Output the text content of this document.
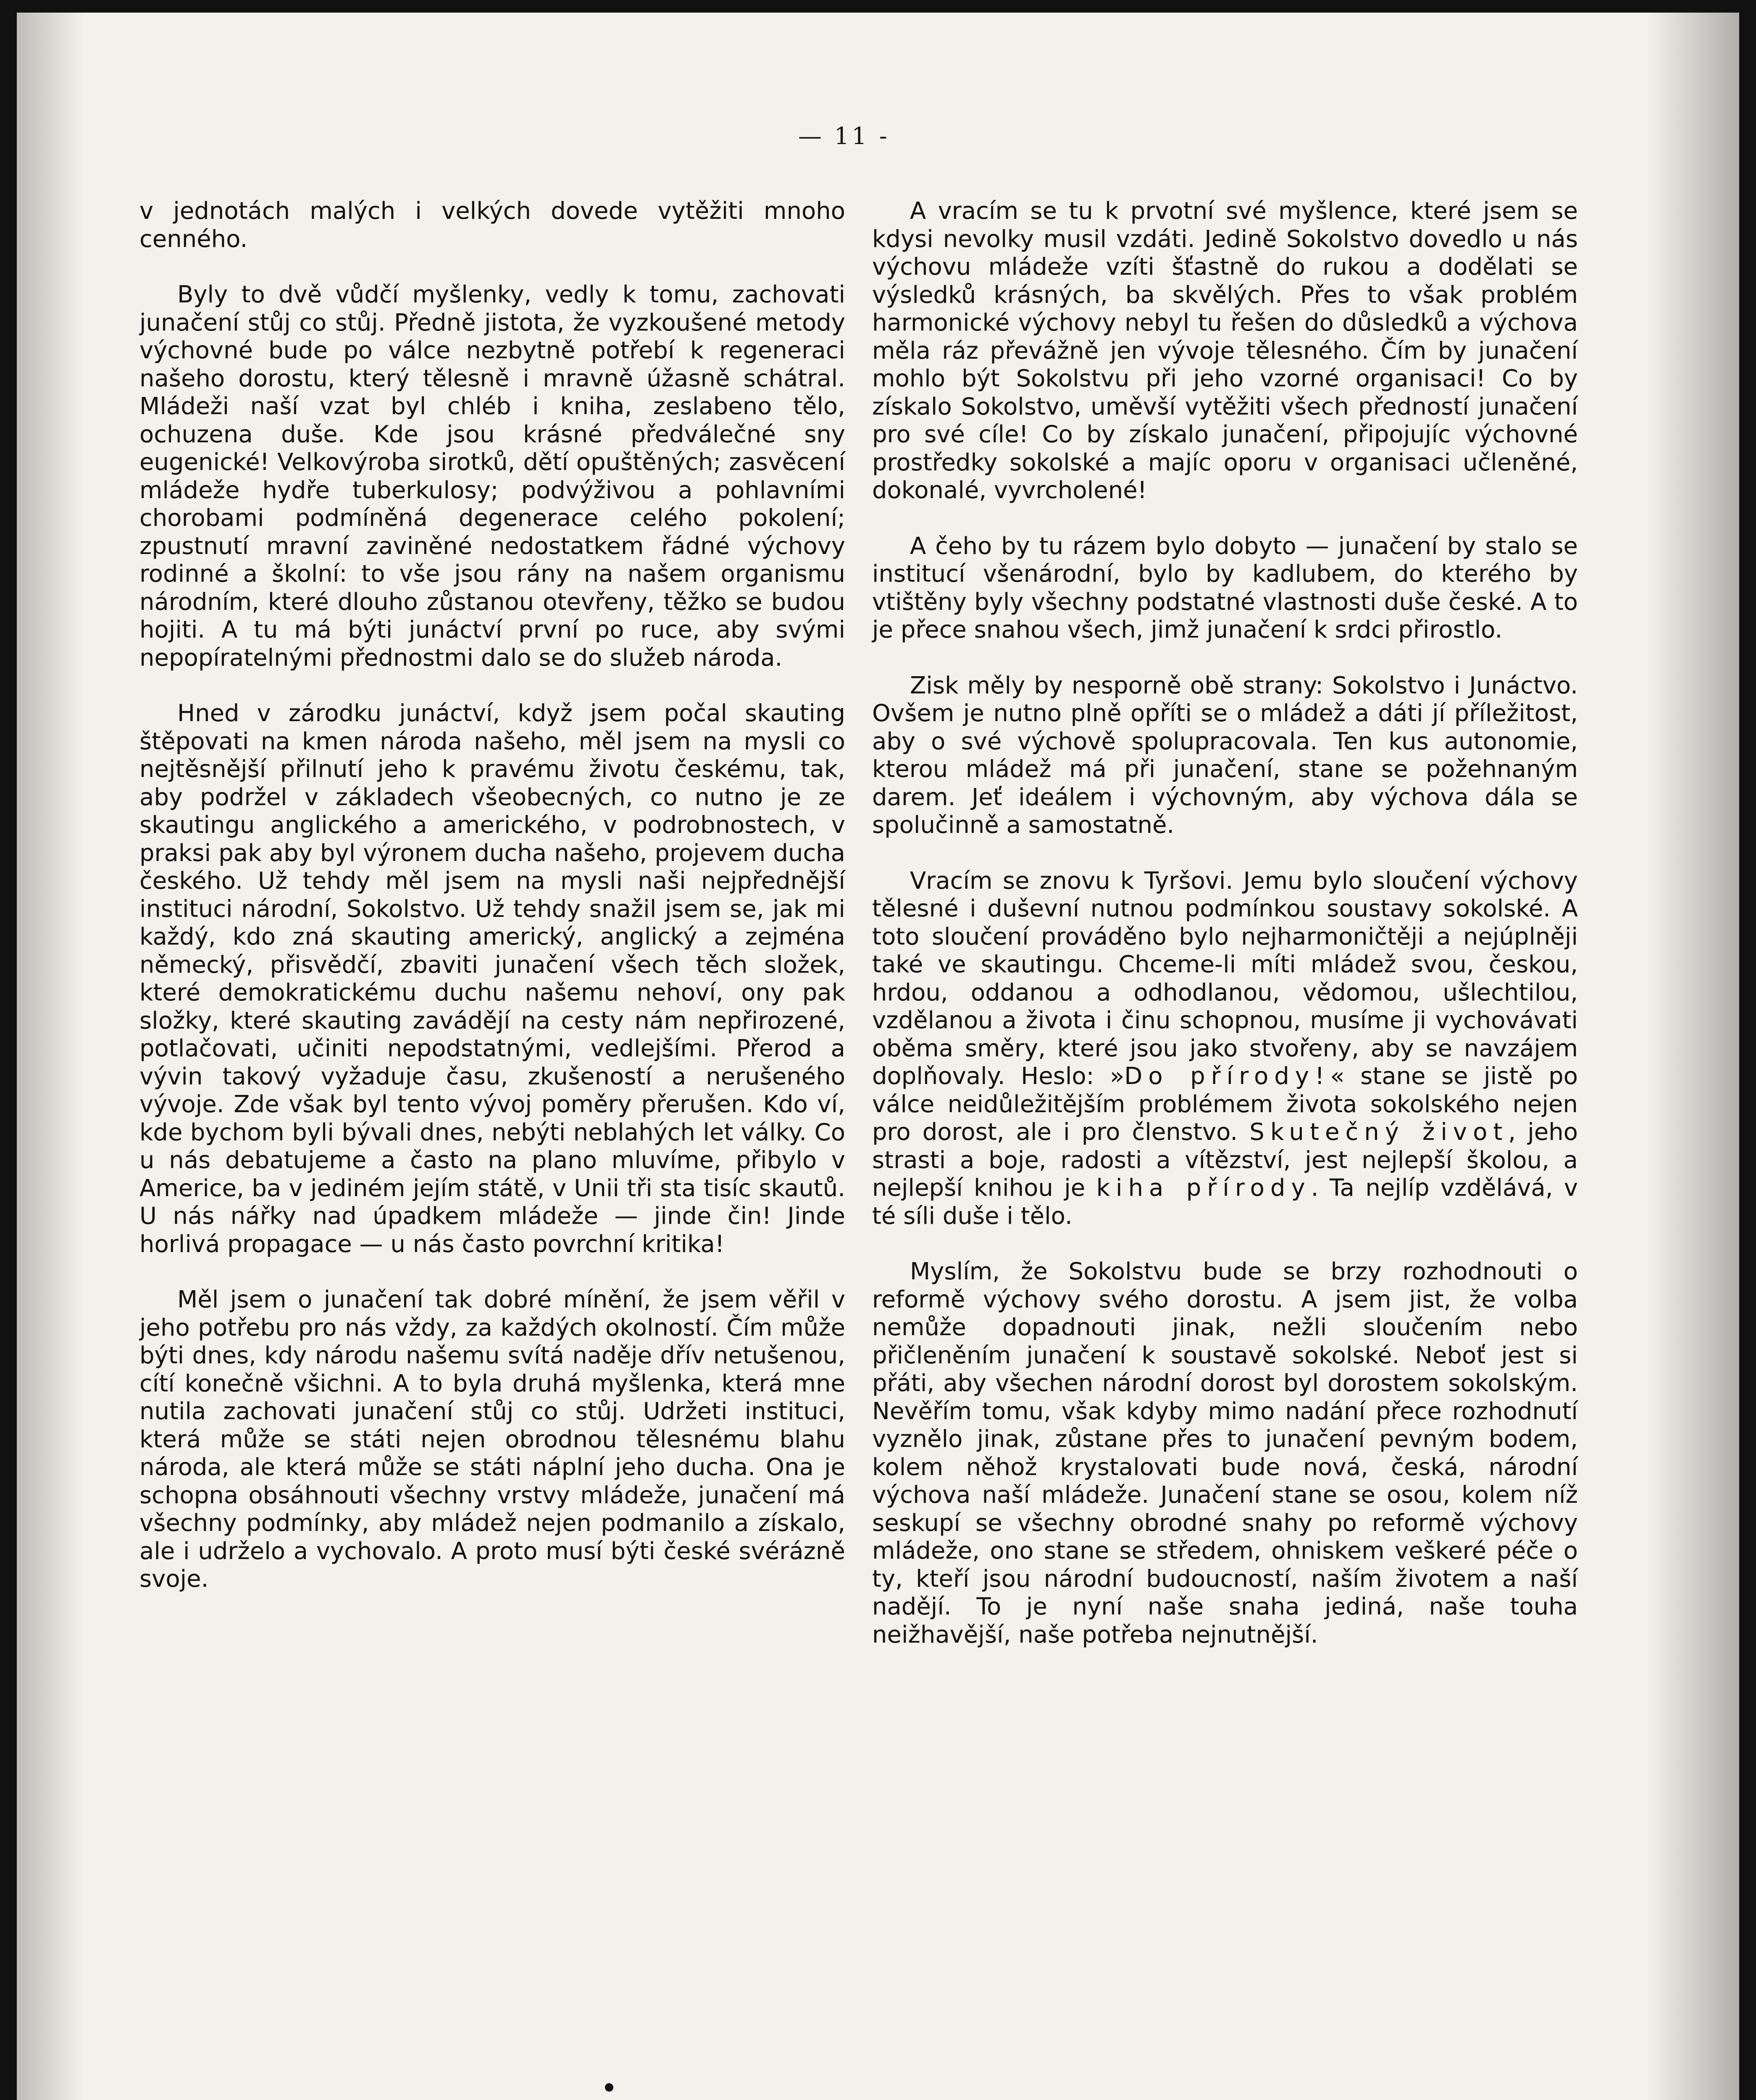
— 11 -

v jednotách malých i velkých dovede vytěžiti mnoho cenného.

Byly to dvě vůdčí myšlenky, vedly k tomu, zachovati junačení stůj co stůj. Předně jistota, že vyzkoušené metody výchovné bude po válce nezbytně potřebí k regeneraci našeho dorostu, který tělesně i mravně úžasně schátral. Mládeži naší vzat byl chléb i kniha, zeslabeno tělo, ochuzena duše. Kde jsou krásné předválečné sny eugenické! Velkovýroba sirotků, dětí opuštěných; zasvěcení mládeže hydře tuberkulosy; podvýživou a pohlavními chorobami podmíněná degenerace celého pokolení; zpustnutí mravní zaviněné nedostatkem řádné výchovy rodinné a školní: to vše jsou rány na našem organismu národním, které dlouho zůstanou otevřeny, těžko se budou hojiti. A tu má býti junáctví první po ruce, aby svými nepopíratelnými přednostmi dalo se do služeb národa.

Hned v zárodku junáctví, když jsem počal skauting štěpovati na kmen národa našeho, měl jsem na mysli co nejtěsnější přilnutí jeho k pravému životu českému, tak, aby podržel v základech všeobecných, co nutno je ze skautingu anglického a amerického, v podrobnostech, v praksi pak aby byl výronem ducha našeho, projevem ducha českého. Už tehdy měl jsem na mysli naši nejpřednější instituci národní, Sokolstvo. Už tehdy snažil jsem se, jak mi každý, kdo zná skauting americký, anglický a zejména německý, přisvědčí, zbaviti junačení všech těch složek, které demokratickému duchu našemu nehoví, ony pak složky, které skauting zavádějí na cesty nám nepřirozené, potlačovati, učiniti nepodstatnými, vedlejšími. Přerod a vývin takový vyžaduje času, zkušeností a nerušeného vývoje. Zde však byl tento vývoj poměry přerušen. Kdo ví, kde bychom byli bývali dnes, nebýti neblahých let války. Co u nás debatujeme a často na plano mluvíme, přibylo v Americe, ba v jediném jejím státě, v Unii tři sta tisíc skautů. U nás nářky nad úpadkem mládeže — jinde čin! Jinde horlivá propagace — u nás často povrchní kritika!

Měl jsem o junačení tak dobré mínění, že jsem věřil v jeho potřebu pro nás vždy, za každých okolností. Čím může býti dnes, kdy národu našemu svítá naděje dřív netušenou, cítí konečně všichni. A to byla druhá myšlenka, která mne nutila zachovati junačení stůj co stůj. Udržeti instituci, která může se státi nejen obrodnou tělesnému blahu národa, ale která může se státi náplní jeho ducha. Ona je schopna obsáhnouti všechny vrstvy mládeže, junačení má všechny podmínky, aby mládež nejen podmanilo a získalo, ale i udrželo a vychovalo. A proto musí býti české svérázně svoje.

A vracím se tu k prvotní své myšlence, které jsem se kdysi nevolky musil vzdáti. Jedině Sokolstvo dovedlo u nás výchovu mládeže vzíti šťastně do rukou a dodělati se výsledků krásných, ba skvělých. Přes to však problém harmonické výchovy nebyl tu řešen do důsledků a výchova měla ráz převážně jen vývoje tělesného. Čím by junačení mohlo být Sokolstvu při jeho vzorné organisaci! Co by získalo Sokolstvo, uměvší vytěžiti všech předností junačení pro své cíle! Co by získalo junačení, připojujíc výchovné prostředky sokolské a majíc oporu v organisaci učleněné, dokonalé, vyvrcholené!

A čeho by tu rázem bylo dobyto — junačení by stalo se institucí všenárodní, bylo by kadlubem, do kterého by vtištěny byly všechny podstatné vlastnosti duše české. A to je přece snahou všech, jimž junačení k srdci přirostlo.

Zisk měly by nesporně obě strany: Sokolstvo i Junáctvo. Ovšem je nutno plně opříti se o mládež a dáti jí příležitost, aby o své výchově spolupracovala. Ten kus autonomie, kterou mládež má při junačení, stane se požehnaným darem. Jeť ideálem i výchovným, aby výchova dála se spolučinně a samostatně.

Vracím se znovu k Tyršovi. Jemu bylo sloučení výchovy tělesné i duševní nutnou podmínkou soustavy sokolské. A toto sloučení prováděno bylo nejharmoničtěji a nejúplněji také ve skautingu. Chceme-li míti mládež svou, českou, hrdou, oddanou a odhodlanou, vědomou, ušlechtilou, vzdělanou a života i činu schopnou, musíme ji vychovávati oběma směry, které jsou jako stvořeny, aby se navzájem doplňovaly. Heslo: »Do přírody!« stane se jistě po válce neidůležitějším problémem života sokolského nejen pro dorost, ale i pro členstvo. Skutečný život, jeho strasti a boje, radosti a vítězství, jest nejlepší školou, a nejlepší knihou je kiha přírody. Ta nejlíp vzdělává, v té síli duše i tělo.

Myslím, že Sokolstvu bude se brzy rozhodnouti o reformě výchovy svého dorostu. A jsem jist, že volba nemůže dopadnouti jinak, nežli sloučením nebo přičleněním junačení k soustavě sokolské. Neboť jest si přáti, aby všechen národní dorost byl dorostem sokolským. Nevěřím tomu, však kdyby mimo nadání přece rozhodnutí vyznělo jinak, zůstane přes to junačení pevným bodem, kolem něhož krystalovati bude nová, česká, národní výchova naší mládeže. Junačení stane se osou, kolem níž seskupí se všechny obrodné snahy po reformě výchovy mládeže, ono stane se středem, ohniskem veškeré péče o ty, kteří jsou národní budoucností, naším životem a naší nadějí. To je nyní naše snaha jediná, naše touha neižhavější, naše potřeba nejnutnější.
